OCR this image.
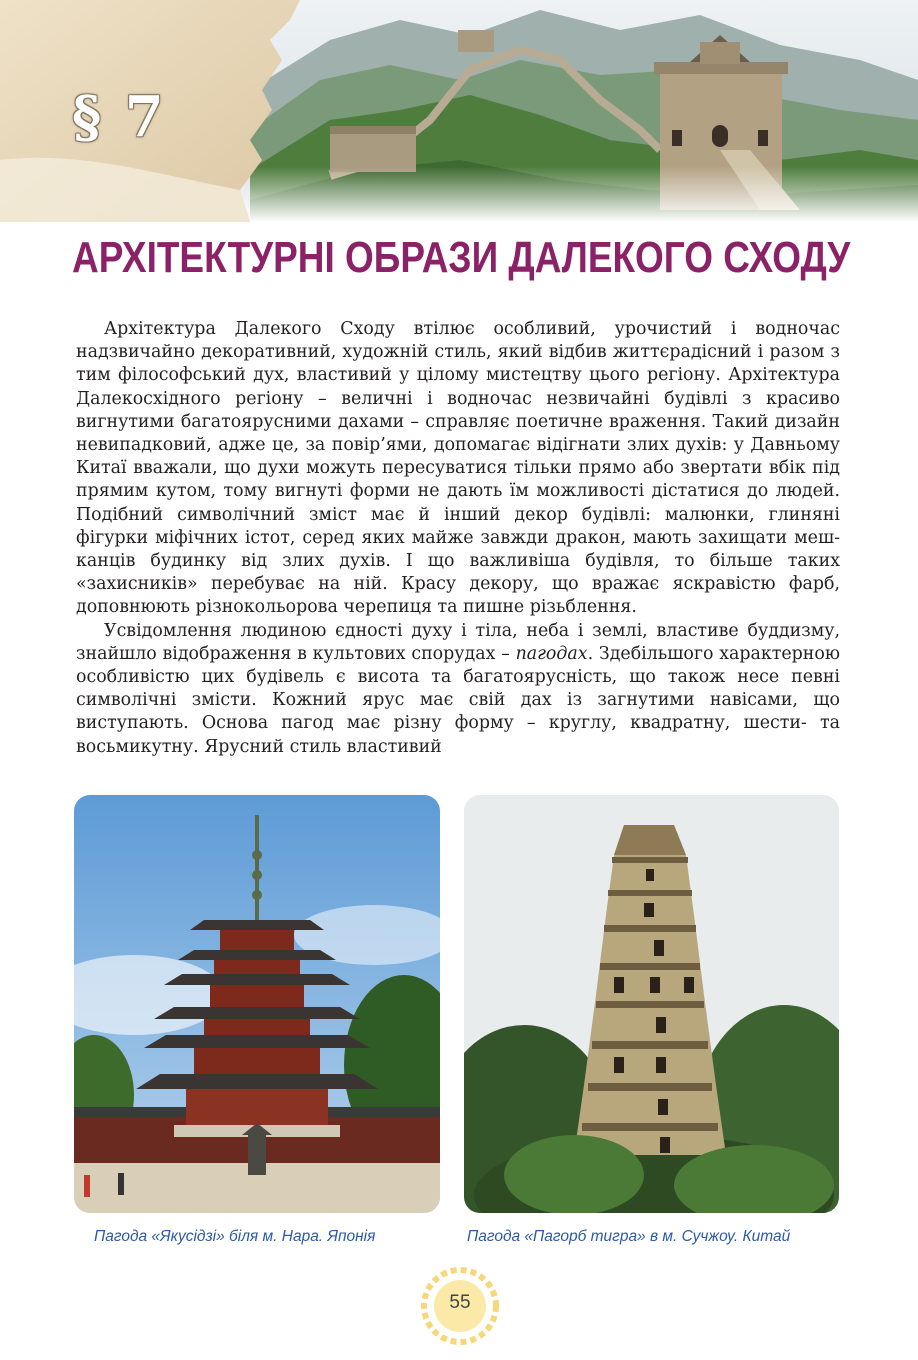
§ 7
АРХІТЕКТУРНІ ОБРАЗИ ДАЛЕКОГО СХОДУ

Архітектура Далекого Сходу втілює особливий, урочистий і водночас надзвичайно декоративний, художній стиль, який відбив життєрадісний і разом з тим філософський дух, властивий у цілому мистецтву цього регіону. Архітектура Далекосхідного регіону – величні і водночас незвичайні будівлі з красиво вигнутими багатоярусними дахами – справляє поетичне враження. Такий дизайн невипадковий, адже це, за повір’ями, допомагає відігнати злих духів: у Давньому Китаї вважали, що духи можуть пересуватися тільки прямо або звертати вбік під прямим кутом, тому вигнуті форми не дають їм можливості дістатися до людей. Подібний символічний зміст має й інший декор будівлі: малюнки, глиняні фігурки міфічних істот, серед яких майже завжди дракон, мають захищати мешканців будинку від злих духів. І що важливіша будівля, то більше таких «захисників» перебуває на ній. Красу декору, що вражає яскравістю фарб, доповнюють різнокольорова черепиця та пишне різьблення.

Усвідомлення людиною єдності духу і тіла, неба і землі, властиве буддизму, знайшло відображення в культових спорудах – пагодах. Здебільшого характерною особливістю цих будівель є висота та багатоярусність, що також несе певні символічні змісти. Кожний ярус має свій дах із загнутими навісами, що виступають. Основа пагод має різну форму – круглу, квадратну, шести- та восьмикутну. Ярусний стиль властивий

Пагода «Якусідзі» біля м. Нара. Японія	Пагода «Пагорб тигра» в м. Сучжоу. Китай
55
